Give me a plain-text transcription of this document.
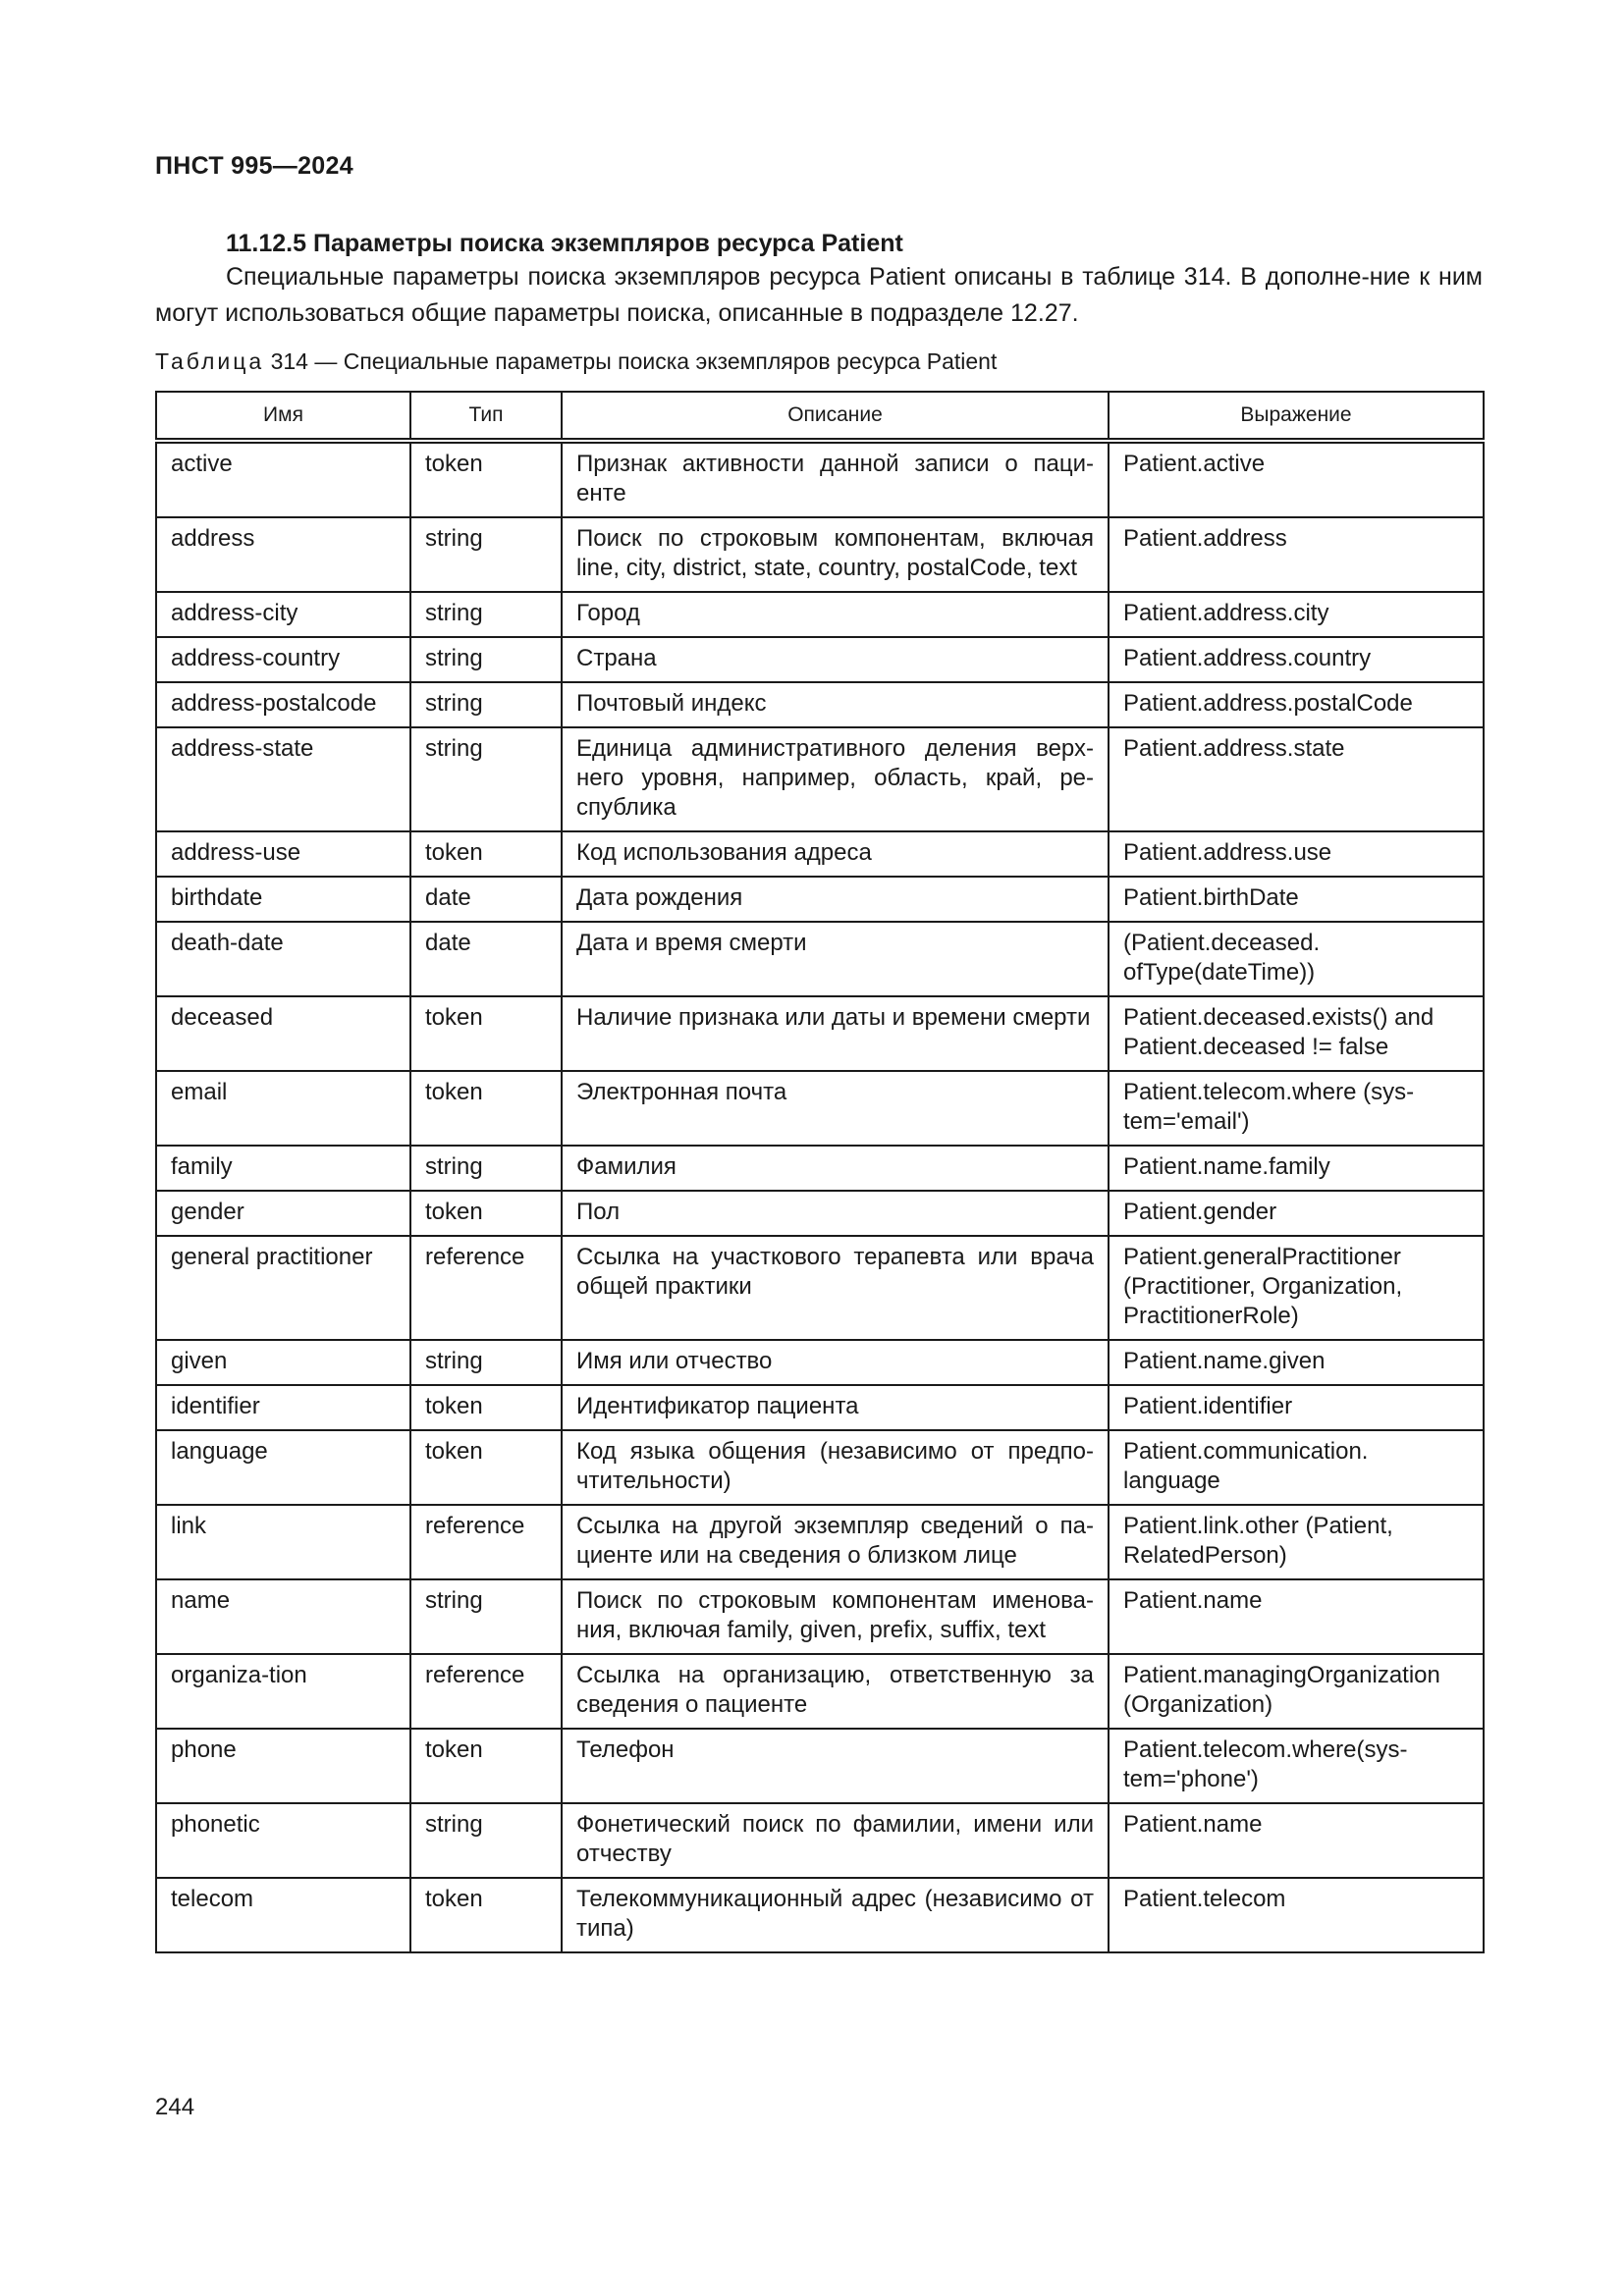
ПНСТ 995—2024
11.12.5 Параметры поиска экземпляров ресурса Patient
Специальные параметры поиска экземпляров ресурса Patient описаны в таблице 314. В дополне-ние к ним могут использоваться общие параметры поиска, описанные в подразделе 12.27.
Таблица 314 — Специальные параметры поиска экземпляров ресурса Patient
Имя	Тип	Описание	Выражение
active	token	Признак активности данной записи о паци-енте	Patient.active
address	string	Поиск по строковым компонентам, включая line, city, district, state, country, postalCode, text	Patient.address
address-city	string	Город	Patient.address.city
address-country	string	Страна	Patient.address.country
address-postalcode	string	Почтовый индекс	Patient.address.postalCode
address-state	string	Единица административного деления верх-него уровня, например, область, край, ре-спублика	Patient.address.state
address-use	token	Код использования адреса	Patient.address.use
birthdate	date	Дата рождения	Patient.birthDate
death-date	date	Дата и время смерти	(Patient.deceased. ofType(dateTime))
deceased	token	Наличие признака или даты и времени смерти	Patient.deceased.exists() and Patient.deceased != false
email	token	Электронная почта	Patient.telecom.where (sys-tem='email')
family	string	Фамилия	Patient.name.family
gender	token	Пол	Patient.gender
general practitioner	reference	Ссылка на участкового терапевта или врача общей практики	Patient.generalPractitioner (Practitioner, Organization, PractitionerRole)
given	string	Имя или отчество	Patient.name.given
identifier	token	Идентификатор пациента	Patient.identifier
language	token	Код языка общения (независимо от предпо-чтительности)	Patient.communication. language
link	reference	Ссылка на другой экземпляр сведений о па-циенте или на сведения о близком лице	Patient.link.other (Patient, RelatedPerson)
name	string	Поиск по строковым компонентам именова-ния, включая family, given, prefix, suffix, text	Patient.name
organiza-tion	reference	Ссылка на организацию, ответственную за сведения о пациенте	Patient.managingOrganization (Organization)
phone	token	Телефон	Patient.telecom.where(sys-tem='phone')
phonetic	string	Фонетический поиск по фамилии, имени или отчеству	Patient.name
telecom	token	Телекоммуникационный адрес (независимо от типа)	Patient.telecom
244
